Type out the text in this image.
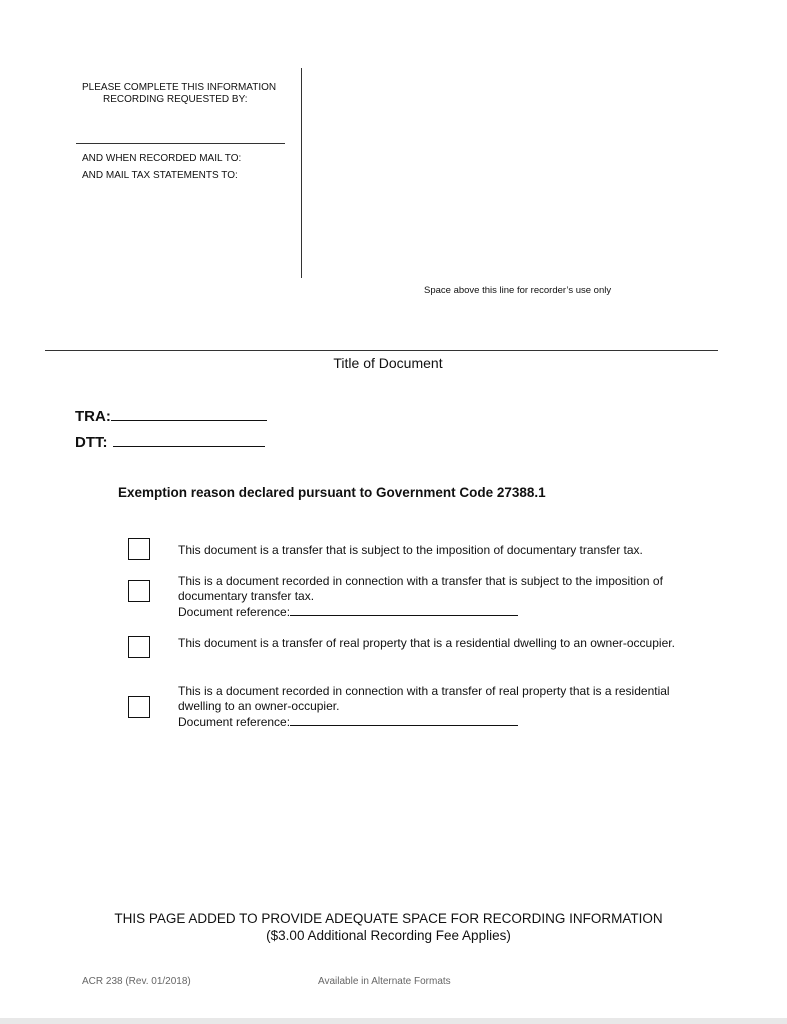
PLEASE COMPLETE THIS INFORMATION
RECORDING REQUESTED BY:
AND WHEN RECORDED MAIL TO:
AND MAIL TAX STATEMENTS TO:
Space above this line for recorder’s use only
Title of Document
TRA:
DTT:
Exemption reason declared pursuant to Government Code 27388.1
This document is a transfer that is subject to the imposition of documentary transfer tax.
This is a document recorded in connection with a transfer that is subject to the imposition of documentary transfer tax.
Document reference:
This document is a transfer of real property that is a residential dwelling to an owner-occupier.
This is a document recorded in connection with a transfer of real property that is a residential dwelling to an owner-occupier.
Document reference:
THIS PAGE ADDED TO PROVIDE ADEQUATE SPACE FOR RECORDING INFORMATION
($3.00 Additional Recording Fee Applies)
ACR 238 (Rev. 01/2018)	Available in Alternate Formats
